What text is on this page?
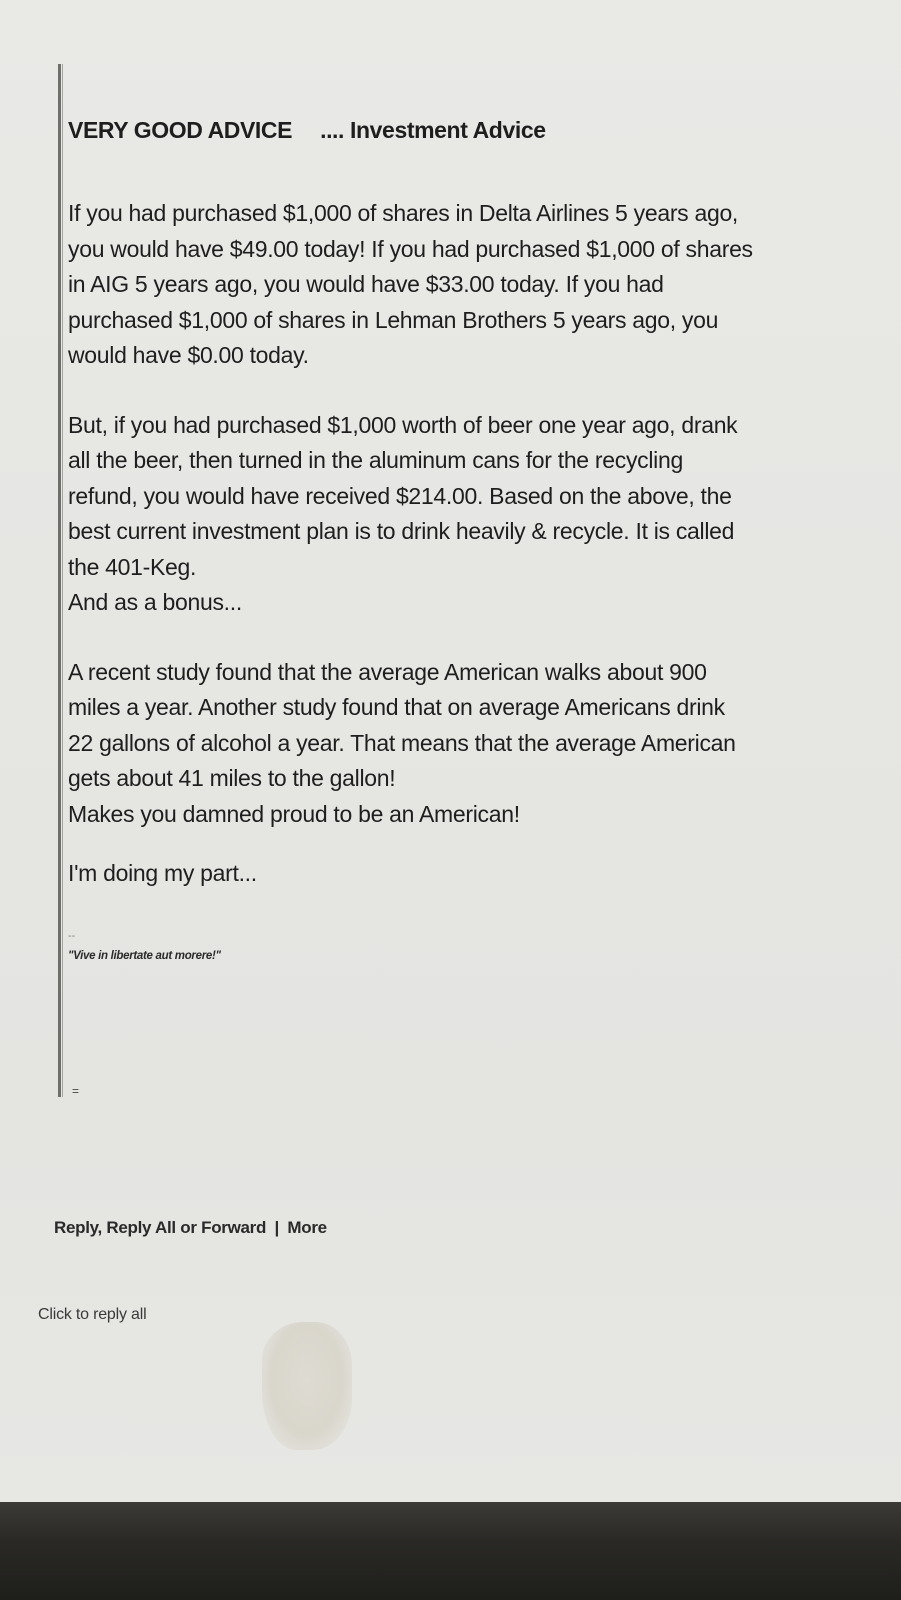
VERY GOOD ADVICE .... Investment Advice
If you had purchased $1,000 of shares in Delta Airlines 5 years ago,
you would have $49.00 today! If you had purchased $1,000 of shares
in AIG 5 years ago, you would have $33.00 today. If you had
purchased $1,000 of shares in Lehman Brothers 5 years ago, you
would have $0.00 today.
But, if you had purchased $1,000 worth of beer one year ago, drank
all the beer, then turned in the aluminum cans for the recycling
refund, you would have received $214.00. Based on the above, the
best current investment plan is to drink heavily & recycle. It is called
the 401-Keg.
And as a bonus...
A recent study found that the average American walks about 900
miles a year. Another study found that on average Americans drink
22 gallons of alcohol a year. That means that the average American
gets about 41 miles to the gallon!
Makes you damned proud to be an American!
I'm doing my part...
--
"Vive in libertate aut morere!"
=
Reply, Reply All or Forward | More
Click to reply all
